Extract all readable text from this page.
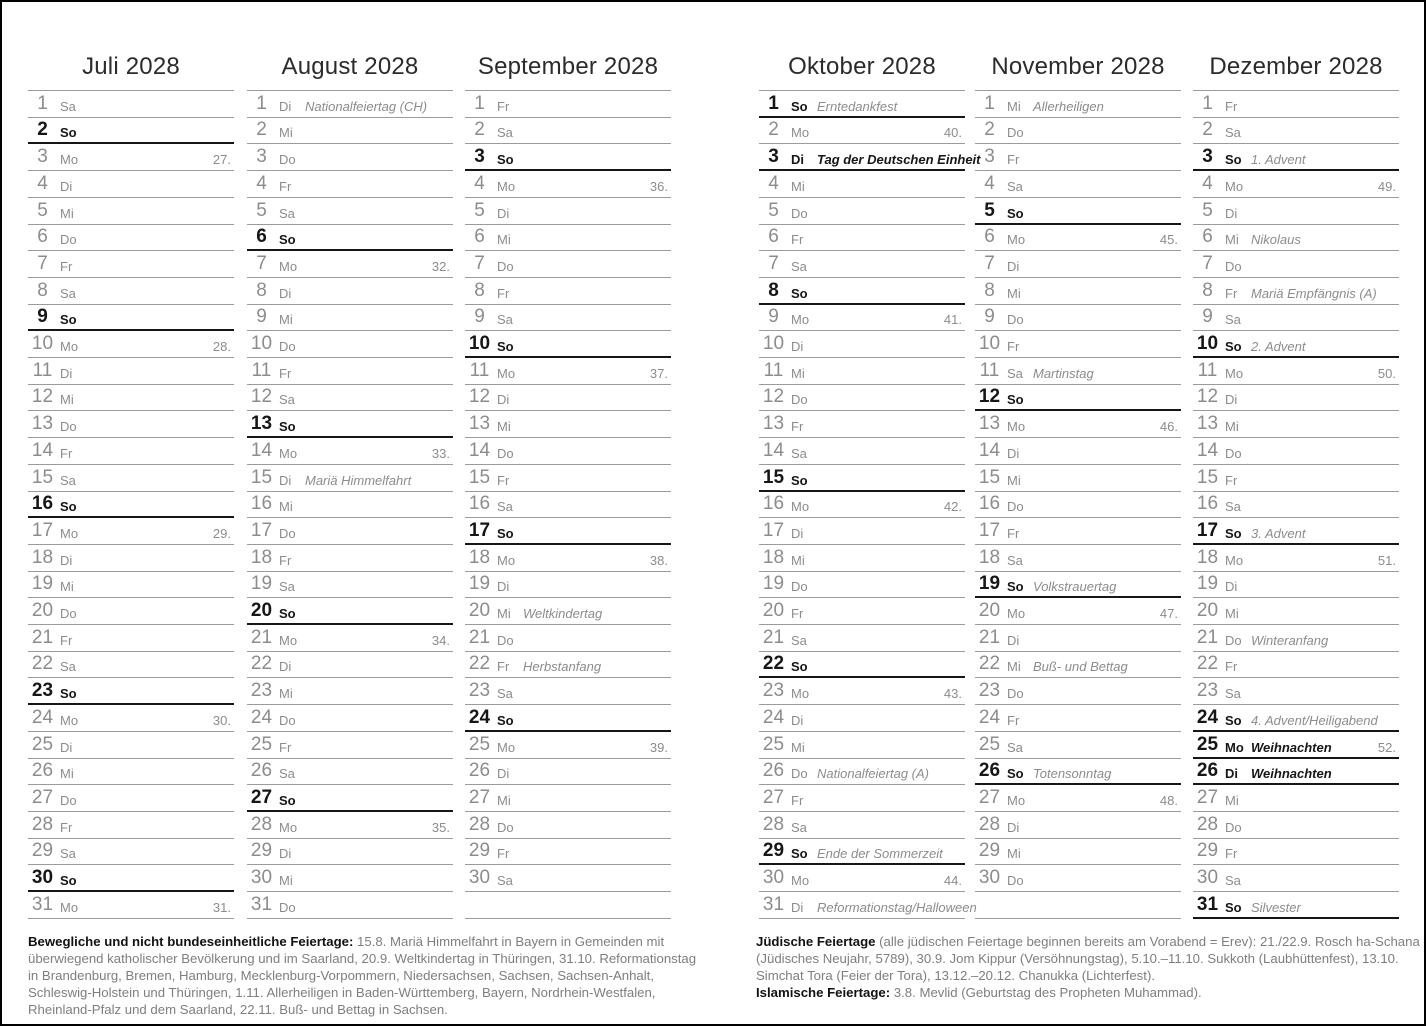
Juli 2028
1 Sa
2 So
3 Mo	27.
4 Di
5 Mi
6 Do
7 Fr
8 Sa
9 So
10 Mo	28.
11 Di
12 Mi
13 Do
14 Fr
15 Sa
16 So
17 Mo	29.
18 Di
19 Mi
20 Do
21 Fr
22 Sa
23 So
24 Mo	30.
25 Di
26 Mi
27 Do
28 Fr
29 Sa
30 So
31 Mo	31.
August 2028
1 Di	Nationalfeiertag (CH)
2 Mi
3 Do
4 Fr
5 Sa
6 So
7 Mo	32.
8 Di
9 Mi
10 Do
11 Fr
12 Sa
13 So
14 Mo	33.
15 Di	Mariä Himmelfahrt
16 Mi
17 Do
18 Fr
19 Sa
20 So
21 Mo	34.
22 Di
23 Mi
24 Do
25 Fr
26 Sa
27 So
28 Mo	35.
29 Di
30 Mi
31 Do
September 2028
1 Fr
2 Sa
3 So
4 Mo	36.
5 Di
6 Mi
7 Do
8 Fr
9 Sa
10 So
11 Mo	37.
12 Di
13 Mi
14 Do
15 Fr
16 Sa
17 So
18 Mo	38.
19 Di
20 Mi Weltkindertag
21 Do
22 Fr	Herbstanfang
23 Sa
24 So
25 Mo	39.
26 Di
27 Mi
28 Do
29 Fr
30 Sa
Oktober 2028
1 So Erntedankfest
2 Mo	40.
3 Di	Tag der Deutschen Einheit
4 Mi
5 Do
6 Fr
7 Sa
8 So
9 Mo	41.
10 Di
11 Mi
12 Do
13 Fr
14 Sa
15 So
16 Mo	42.
17 Di
18 Mi
19 Do
20 Fr
21 Sa
22 So
23 Mo	43.
24 Di
25 Mi
26 Do Nationalfeiertag (A)
27 Fr
28 Sa
29 So Ende der Sommerzeit
30 Mo	44.
31 Di	Reformationstag/Halloween
November 2028
1 Mi Allerheiligen
2 Do
3 Fr
4 Sa
5 So
6 Mo	45.
7 Di
8 Mi
9 Do
10 Fr
11 Sa Martinstag
12 So
13 Mo	46.
14 Di
15 Mi
16 Do
17 Fr
18 Sa
19 So Volkstrauertag
20 Mo	47.
21 Di
22 Mi Buß- und Bettag
23 Do
24 Fr
25 Sa
26 So Totensonntag
27 Mo	48.
28 Di
29 Mi
30 Do
Dezember 2028
1 Fr
2 Sa
3 So 1. Advent
4 Mo	49.
5 Di
6 Mi Nikolaus
7 Do
8 Fr	Mariä Empfängnis (A)
9 Sa
10 So 2. Advent
11 Mo	50.
12 Di
13 Mi
14 Do
15 Fr
16 Sa
17 So 3. Advent
18 Mo	51.
19 Di
20 Mi
21 Do Winteranfang
22 Fr
23 Sa
24 So 4. Advent/Heiligabend
25 Mo Weihnachten	52.
26 Di	Weihnachten
27 Mi
28 Do
29 Fr
30 Sa
31 So Silvester

Bewegliche und nicht bundeseinheitliche Feiertage: 15.8. Mariä Himmelfahrt in Bayern in Gemeinden mit überwiegend katholischer Bevölkerung und im Saarland, 20.9. Weltkindertag in Thüringen, 31.10. Reformationstag in Brandenburg, Bremen, Hamburg, Mecklenburg-Vorpommern, Niedersachsen, Sachsen, Sachsen-Anhalt, Schleswig-Holstein und Thüringen, 1.11. Allerheiligen in Baden-Württemberg, Bayern, Nordrhein-Westfalen, Rheinland-Pfalz und dem Saarland, 22.11. Buß- und Bettag in Sachsen.

Jüdische Feiertage (alle jüdischen Feiertage beginnen bereits am Vorabend = Erev): 21./22.9. Rosch ha-Schana (Jüdisches Neujahr, 5789), 30.9. Jom Kippur (Versöhnungstag), 5.10.–11.10. Sukkoth (Laubhüttenfest), 13.10. Simchat Tora (Feier der Tora), 13.12.–20.12. Chanukka (Lichterfest).

Islamische Feiertage: 3.8. Mevlid (Geburtstag des Propheten Muhammad).
